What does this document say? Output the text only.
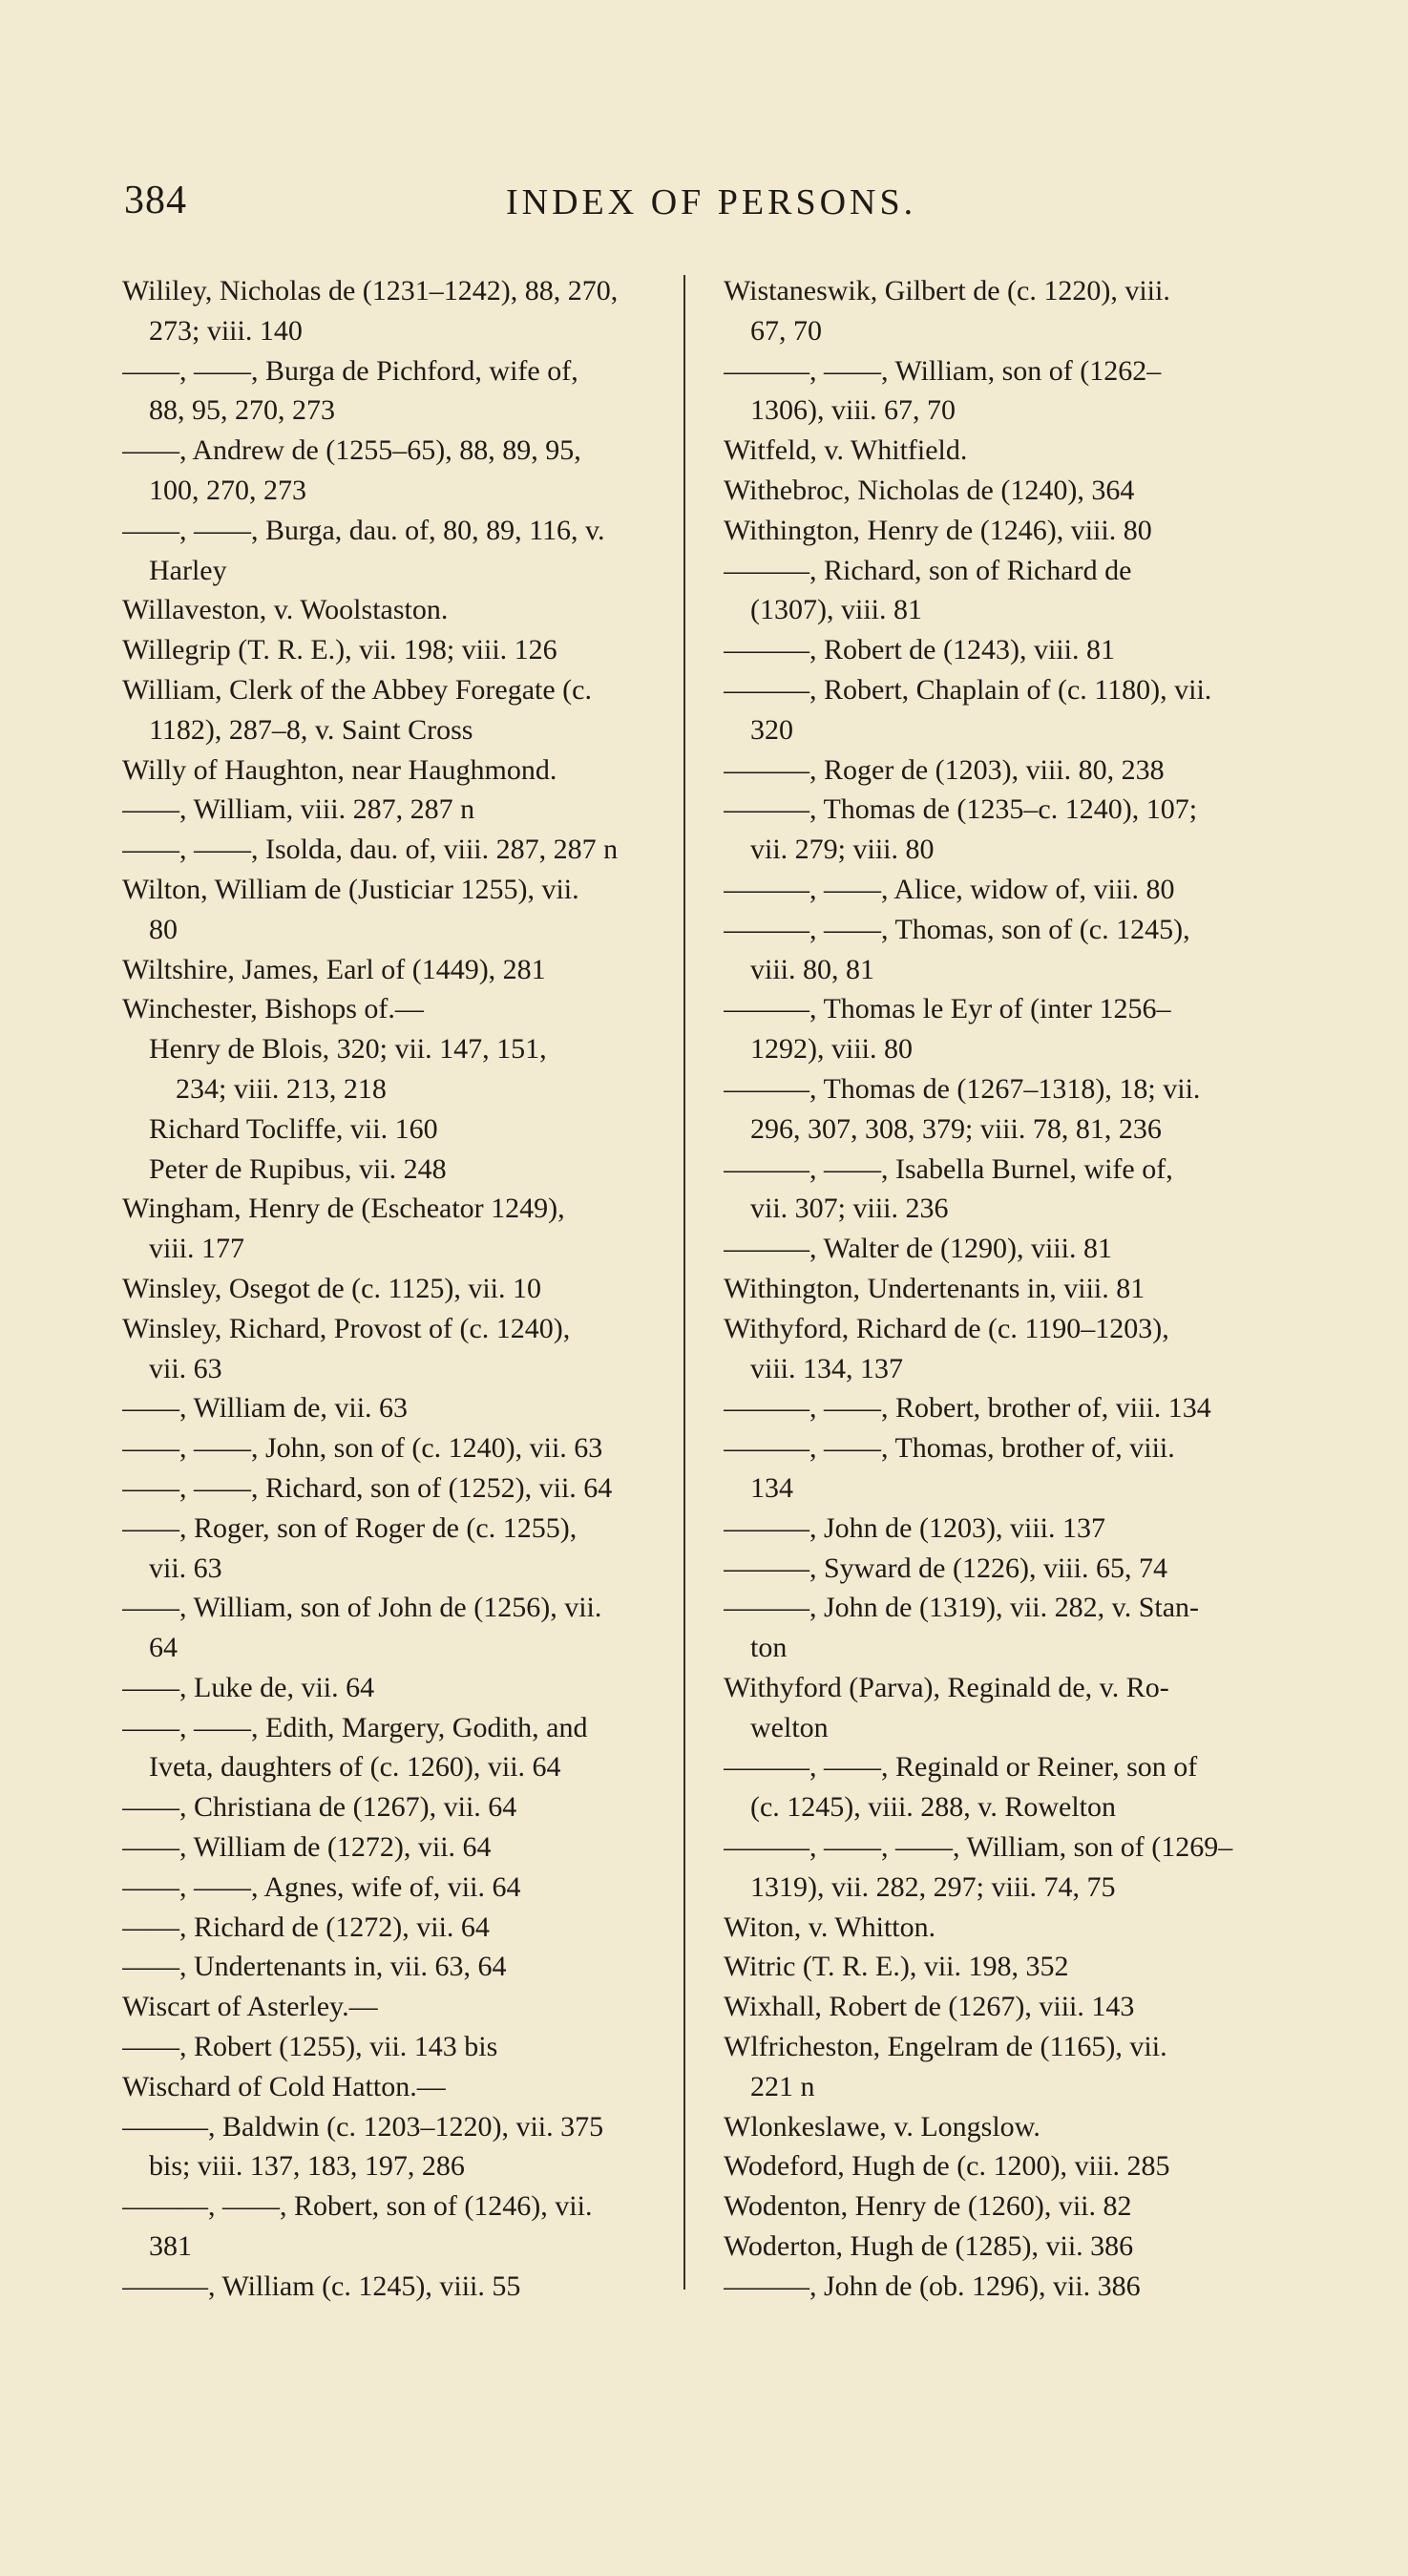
384	INDEX OF PERSONS.
Wililey, Nicholas de (1231–1242), 88, 270,
273; viii. 140
——, ——, Burga de Pichford, wife of,
88, 95, 270, 273
——, Andrew de (1255–65), 88, 89, 95,
100, 270, 273
——, ——, Burga, dau. of, 80, 89, 116, v.
Harley
Willaveston, v. Woolstaston.
Willegrip (T. R. E.), vii. 198; viii. 126
William, Clerk of the Abbey Foregate (c.
1182), 287–8, v. Saint Cross
Willy of Haughton, near Haughmond.
——, William, viii. 287, 287 n
——, ——, Isolda, dau. of, viii. 287, 287 n
Wilton, William de (Justiciar 1255), vii.
80
Wiltshire, James, Earl of (1449), 281
Winchester, Bishops of.—
Henry de Blois, 320; vii. 147, 151,
234; viii. 213, 218
Richard Tocliffe, vii. 160
Peter de Rupibus, vii. 248
Wingham, Henry de (Escheator 1249),
viii. 177
Winsley, Osegot de (c. 1125), vii. 10
Winsley, Richard, Provost of (c. 1240),
vii. 63
——, William de, vii. 63
——, ——, John, son of (c. 1240), vii. 63
——, ——, Richard, son of (1252), vii. 64
——, Roger, son of Roger de (c. 1255),
vii. 63
——, William, son of John de (1256), vii.
64
——, Luke de, vii. 64
——, ——, Edith, Margery, Godith, and
Iveta, daughters of (c. 1260), vii. 64
——, Christiana de (1267), vii. 64
——, William de (1272), vii. 64
——, ——, Agnes, wife of, vii. 64
——, Richard de (1272), vii. 64
——, Undertenants in, vii. 63, 64
Wiscart of Asterley.—
——, Robert (1255), vii. 143 bis
Wischard of Cold Hatton.—
———, Baldwin (c. 1203–1220), vii. 375
bis; viii. 137, 183, 197, 286
———, ——, Robert, son of (1246), vii.
381
———, William (c. 1245), viii. 55
Wistaneswik, Gilbert de (c. 1220), viii.
67, 70
———, ——, William, son of (1262–
1306), viii. 67, 70
Witfeld, v. Whitfield.
Withebroc, Nicholas de (1240), 364
Withington, Henry de (1246), viii. 80
———, Richard, son of Richard de
(1307), viii. 81
———, Robert de (1243), viii. 81
———, Robert, Chaplain of (c. 1180), vii.
320
———, Roger de (1203), viii. 80, 238
———, Thomas de (1235–c. 1240), 107;
vii. 279; viii. 80
———, ——, Alice, widow of, viii. 80
———, ——, Thomas, son of (c. 1245),
viii. 80, 81
———, Thomas le Eyr of (inter 1256–
1292), viii. 80
———, Thomas de (1267–1318), 18; vii.
296, 307, 308, 379; viii. 78, 81, 236
———, ——, Isabella Burnel, wife of,
vii. 307; viii. 236
———, Walter de (1290), viii. 81
Withington, Undertenants in, viii. 81
Withyford, Richard de (c. 1190–1203),
viii. 134, 137
———, ——, Robert, brother of, viii. 134
———, ——, Thomas, brother of, viii.
134
———, John de (1203), viii. 137
———, Syward de (1226), viii. 65, 74
———, John de (1319), vii. 282, v. Stan-
ton
Withyford (Parva), Reginald de, v. Ro-
welton
———, ——, Reginald or Reiner, son of
(c. 1245), viii. 288, v. Rowelton
———, ——, ——, William, son of (1269–
1319), vii. 282, 297; viii. 74, 75
Witon, v. Whitton.
Witric (T. R. E.), vii. 198, 352
Wixhall, Robert de (1267), viii. 143
Wlfricheston, Engelram de (1165), vii.
221 n
Wlonkeslawe, v. Longslow.
Wodeford, Hugh de (c. 1200), viii. 285
Wodenton, Henry de (1260), vii. 82
Woderton, Hugh de (1285), vii. 386
———, John de (ob. 1296), vii. 386
